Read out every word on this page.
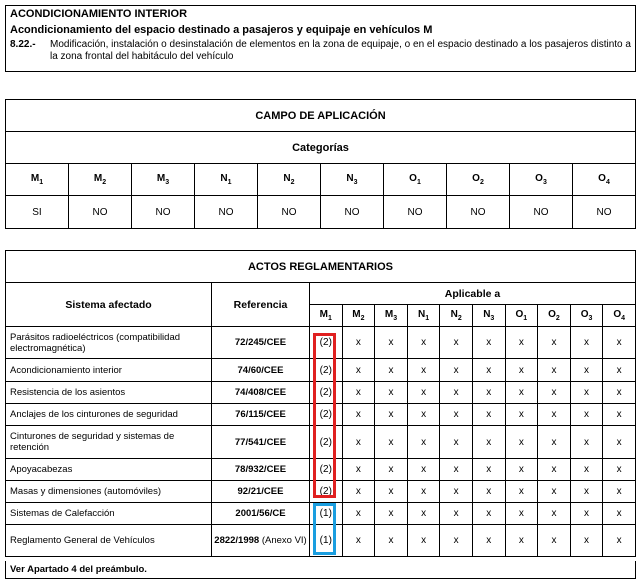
ACONDICIONAMIENTO INTERIOR
Acondicionamiento del espacio destinado a pasajeros y equipaje en vehículos M
8.22.-	Modificación, instalación o desinstalación de elementos en la zona de equipaje, o en el espacio destinado a los pasajeros distinto a la zona frontal del habitáculo del vehículo
CAMPO DE APLICACIÓN									
Categorías									
$M_1$	$M_2$	$M_3$	$N_1$	$N_2$	$N_3$	$O_1$	$O_2$	$O_3$	$O_4$
SI	NO	NO	NO	NO	NO	NO	NO	NO	NO
ACTOS REGLAMENTARIOS											
Sistema afectado	Referencia	Aplicable a									
		$M_1$	$M_2$	$M_3$	$N_1$	$N_2$	$N_3$	$O_1$	$O_2$	$O_3$	$O_4$
Parásitos radioeléctricos (compatibilidad electromagnética)	72/245/CEE	(2)	x	x	x	x	x	x	x	x	x
Acondicionamiento interior	74/60/CEE	(2)	x	x	x	x	x	x	x	x	x
Resistencia de los asientos	74/408/CEE	(2)	x	x	x	x	x	x	x	x	x
Anclajes de los cinturones de seguridad	76/115/CEE	(2)	x	x	x	x	x	x	x	x	x
Cinturones de seguridad y sistemas de retención	77/541/CEE	(2)	x	x	x	x	x	x	x	x	x
Apoyacabezas	78/932/CEE	(2)	x	x	x	x	x	x	x	x	x
Masas y dimensiones (automóviles)	92/21/CEE	(2)	x	x	x	x	x	x	x	x	x
Sistemas de Calefacción	2001/56/CE	(1)	x	x	x	x	x	x	x	x	x
Reglamento General de Vehículos	2822/1998 (Anexo VI)	(1)	x	x	x	x	x	x	x	x	x
Ver Apartado 4 del preámbulo.
